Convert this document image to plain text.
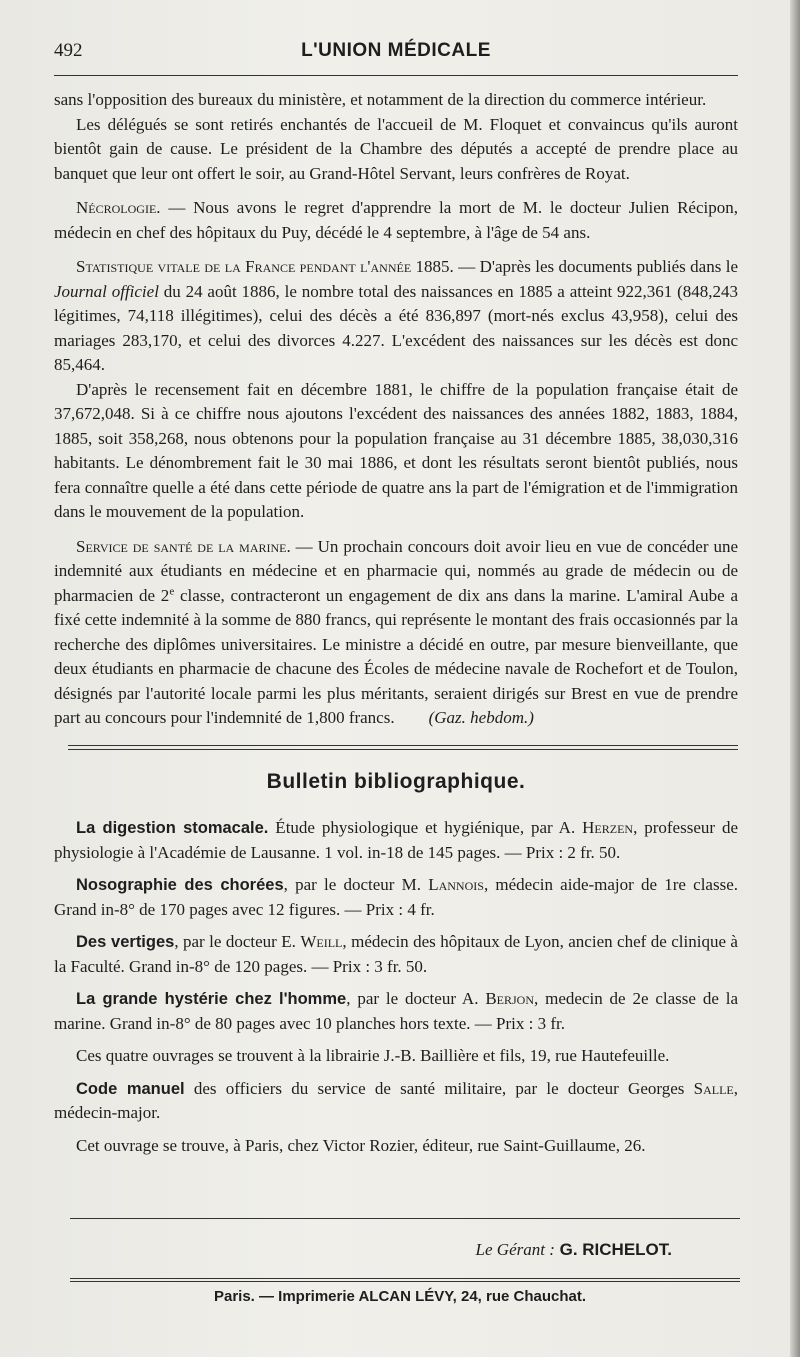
492	L'UNION MÉDICALE

sans l'opposition des bureaux du ministère, et notamment de la direction du commerce intérieur.

Les délégués se sont retirés enchantés de l'accueil de M. Floquet et convaincus qu'ils auront bientôt gain de cause. Le président de la Chambre des députés a accepté de prendre place au banquet que leur ont offert le soir, au Grand-Hôtel Servant, leurs confrères de Royat.

Nécrologie. — Nous avons le regret d'apprendre la mort de M. le docteur Julien Récipon, médecin en chef des hôpitaux du Puy, décédé le 4 septembre, à l'âge de 54 ans.

Statistique vitale de la France pendant l'année 1885. — D'après les documents publiés dans le Journal officiel du 24 août 1886, le nombre total des naissances en 1885 a atteint 922,361 (848,243 légitimes, 74,118 illégitimes), celui des décès a été 836,897 (mort-nés exclus 43,958), celui des mariages 283,170, et celui des divorces 4.227. L'excédent des naissances sur les décès est donc 85,464.

D'après le recensement fait en décembre 1881, le chiffre de la population française était de 37,672,048. Si à ce chiffre nous ajoutons l'excédent des naissances des années 1882, 1883, 1884, 1885, soit 358,268, nous obtenons pour la population française au 31 décembre 1885, 38,030,316 habitants. Le dénombrement fait le 30 mai 1886, et dont les résultats seront bientôt publiés, nous fera connaître quelle a été dans cette période de quatre ans la part de l'émigration et de l'immigration dans le mouvement de la population.

Service de santé de la marine. — Un prochain concours doit avoir lieu en vue de concéder une indemnité aux étudiants en médecine et en pharmacie qui, nommés au grade de médecin ou de pharmacien de 2e classe, contracteront un engagement de dix ans dans la marine. L'amiral Aube a fixé cette indemnité à la somme de 880 francs, qui représente le montant des frais occasionnés par la recherche des diplômes universitaires. Le ministre a décidé en outre, par mesure bienveillante, que deux étudiants en pharmacie de chacune des Écoles de médecine navale de Rochefort et de Toulon, désignés par l'autorité locale parmi les plus méritants, seraient dirigés sur Brest en vue de prendre part au concours pour l'indemnité de 1,800 francs. (Gaz. hebdom.)

Bulletin bibliographique.

La digestion stomacale. Étude physiologique et hygiénique, par A. Herzen, professeur de physiologie à l'Académie de Lausanne. 1 vol. in-18 de 145 pages. — Prix : 2 fr. 50.

Nosographie des chorées, par le docteur M. Lannois, médecin aide-major de 1re classe. Grand in-8° de 170 pages avec 12 figures. — Prix : 4 fr.

Des vertiges, par le docteur E. Weill, médecin des hôpitaux de Lyon, ancien chef de clinique à la Faculté. Grand in-8° de 120 pages. — Prix : 3 fr. 50.

La grande hystérie chez l'homme, par le docteur A. Berjon, medecin de 2e classe de la marine. Grand in-8° de 80 pages avec 10 planches hors texte. — Prix : 3 fr.

Ces quatre ouvrages se trouvent à la librairie J.-B. Baillière et fils, 19, rue Hautefeuille.

Code manuel des officiers du service de santé militaire, par le docteur Georges Salle, médecin-major.

Cet ouvrage se trouve, à Paris, chez Victor Rozier, éditeur, rue Saint-Guillaume, 26.

Le Gérant : G. RICHELOT.
Paris. — Imprimerie ALCAN LÉVY, 24, rue Chauchat.
